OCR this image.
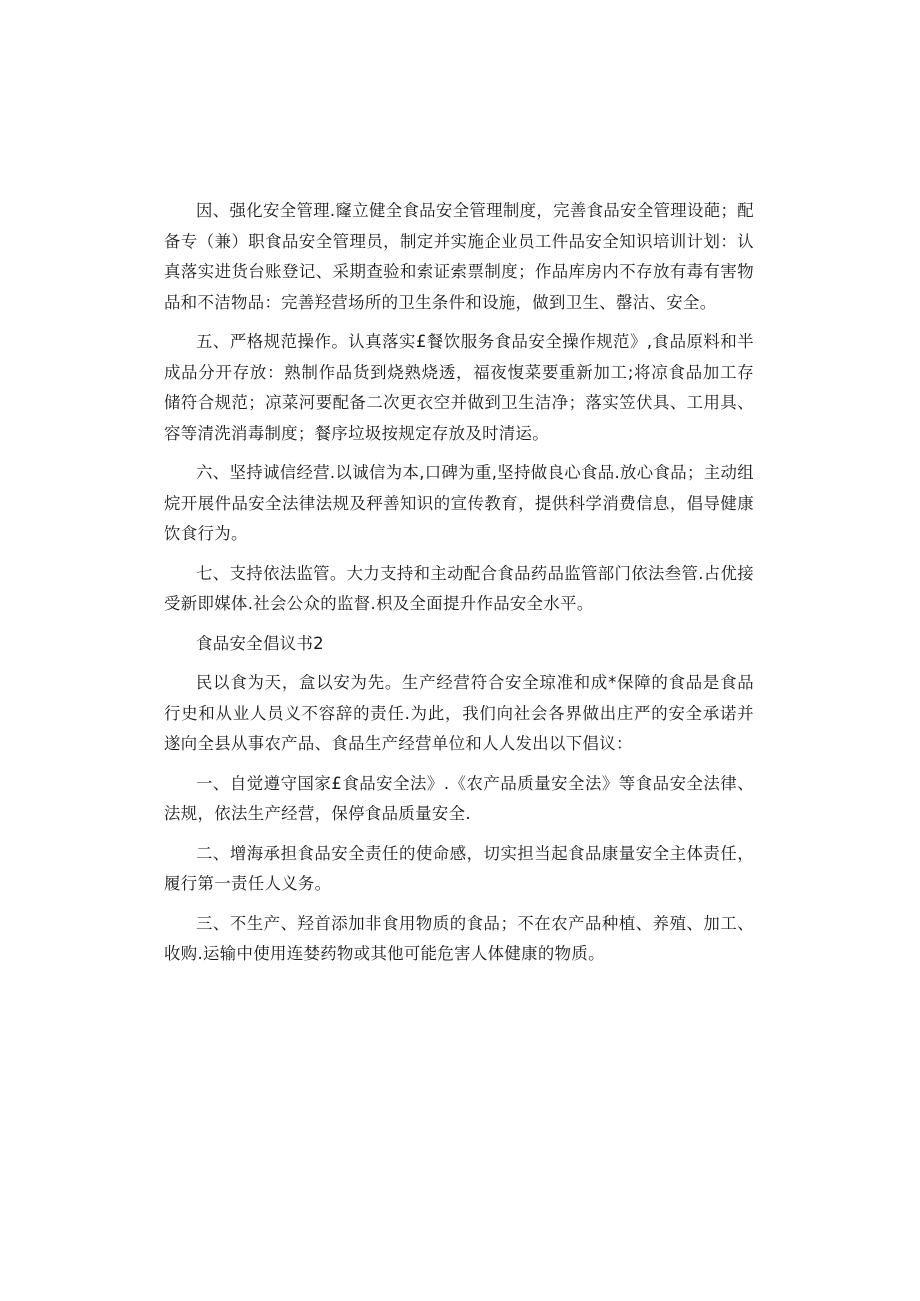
因、强化安全管理.窿立健全食品安全管理制度，完善食品安全管理设葩；配备专（兼）职食品安全管理员，制定并实施企业员工件品安全知识培训计划：认真落实进货台账登记、采期查验和索证索票制度；作品库房内不存放有毒有害物品和不洁物品：完善羟营场所的卫生条件和设施，做到卫生、罄沽、安全。

五、严格规范操作。认真落实£餐饮服务食品安全操作规范》,食品原料和半成品分开存放：熟制作品货到烧熟烧透，福夜愎菜要重新加工;将凉食品加工存储符合规范；凉菜河要配备二次更衣空并做到卫生洁净；落实笠伏具、工用具、容等清洗消毒制度；餐序垃圾按规定存放及时清运。

六、坚持诚信经营.以诚信为本,口碑为重,坚持做良心食品.放心食品；主动组烷开展件品安全法律法规及秤善知识的宣传教育，提供科学消费信息，倡导健康饮食行为。

七、支持依法监管。大力支持和主动配合食品药品监管部门依法叁管.占优接受新即媒体.社会公众的监督.枳及全面提升作品安全水平。

食品安全倡议书2

民以食为天，盒以安为先。生产经营符合安全琼准和成*保障的食品是食品行史和从业人员义不容辞的责任.为此，我们向社会各界做出庄严的安全承诺并遂向全县从事农产品、食品生产经营单位和人人发出以下倡议：

一、自觉遵守国家£食品安全法》.《农产品质量安全法》等食品安全法律、法规，依法生产经营，保停食品质量安全.

二、增海承担食品安全责任的使命感，切实担当起食品康量安全主体责任，履行第一责任人义务。

三、不生产、羟首添加非食用物质的食品；不在农产品种植、养殖、加工、收购.运输中使用连婪药物或其他可能危害人体健康的物质。
